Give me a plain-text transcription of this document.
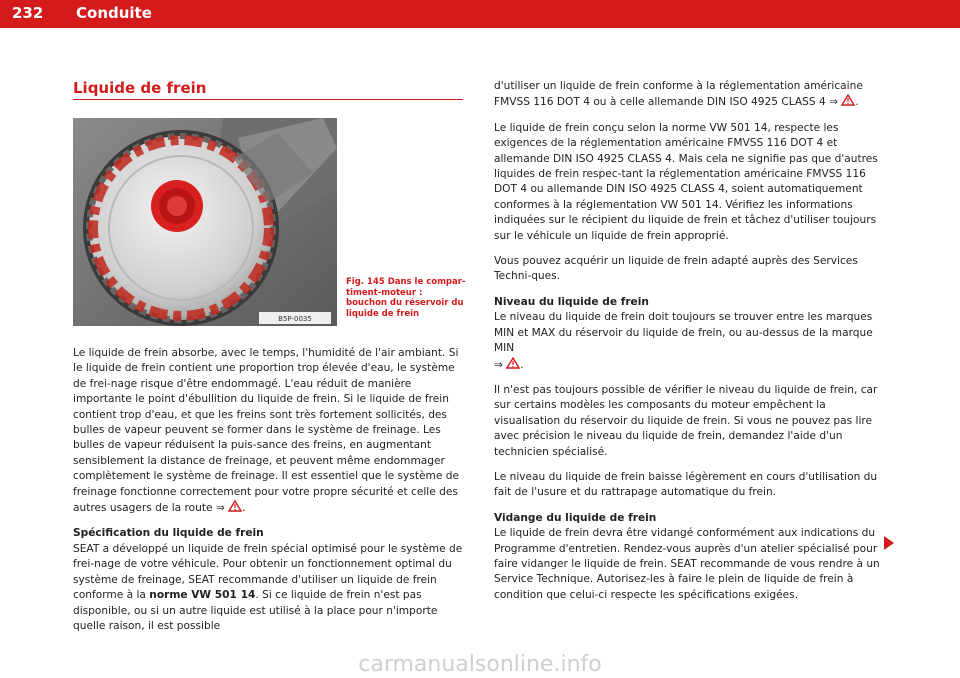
232 Conduite
Liquide de frein
B5P-0035
Fig. 145 Dans le compar-timent-moteur : bouchon du réservoir du liquide de frein

Le liquide de frein absorbe, avec le temps, l'humidité de l'air ambiant. Si le liquide de frein contient une proportion trop élevée d'eau, le système de frei-nage risque d'être endommagé. L'eau réduit de manière importante le point d'ébullition du liquide de frein. Si le liquide de frein contient trop d'eau, et que les freins sont très fortement sollicités, des bulles de vapeur peuvent se former dans le système de freinage. Les bulles de vapeur réduisent la puis-sance des freins, en augmentant sensiblement la distance de freinage, et peuvent même endommager complètement le système de freinage. Il est essentiel que le système de freinage fonctionne correctement pour votre propre sécurité et celle des autres usagers de la route ⇒ .

Spécification du liquide de frein

SEAT a développé un liquide de frein spécial optimisé pour le système de frei-nage de votre véhicule. Pour obtenir un fonctionnement optimal du système de freinage, SEAT recommande d'utiliser un liquide de frein conforme à la norme VW 501 14. Si ce liquide de frein n'est pas disponible, ou si un autre liquide est utilisé à la place pour n'importe quelle raison, il est possible

d'utiliser un liquide de frein conforme à la réglementation américaine FMVSS 116 DOT 4 ou à celle allemande DIN ISO 4925 CLASS 4 ⇒ .

Le liquide de frein conçu selon la norme VW 501 14, respecte les exigences de la réglementation américaine FMVSS 116 DOT 4 et allemande DIN ISO 4925 CLASS 4. Mais cela ne signifie pas que d'autres liquides de frein respec-tant la réglementation américaine FMVSS 116 DOT 4 ou allemande DIN ISO 4925 CLASS 4, soient automatiquement conformes à la réglementation VW 501 14. Vérifiez les informations indiquées sur le récipient du liquide de frein et tâchez d'utiliser toujours sur le véhicule un liquide de frein approprié.

Vous pouvez acquérir un liquide de frein adapté auprès des Services Techni-ques.

Niveau du liquide de frein

Le niveau du liquide de frein doit toujours se trouver entre les marques MIN et MAX du réservoir du liquide de frein, ou au-dessus de la marque MIN
⇒ .

Il n'est pas toujours possible de vérifier le niveau du liquide de frein, car sur certains modèles les composants du moteur empêchent la visualisation du réservoir du liquide de frein. Si vous ne pouvez pas lire avec précision le niveau du liquide de frein, demandez l'aide d'un technicien spécialisé.

Le niveau du liquide de frein baisse légèrement en cours d'utilisation du fait de l'usure et du rattrapage automatique du frein.

Vidange du liquide de frein

Le liquide de frein devra être vidangé conformément aux indications du Programme d'entretien. Rendez-vous auprès d'un atelier spécialisé pour faire vidanger le liquide de frein. SEAT recommande de vous rendre à un Service Technique. Autorisez-les à faire le plein de liquide de frein à condition que celui-ci respecte les spécifications exigées.

carmanualsonline.info
